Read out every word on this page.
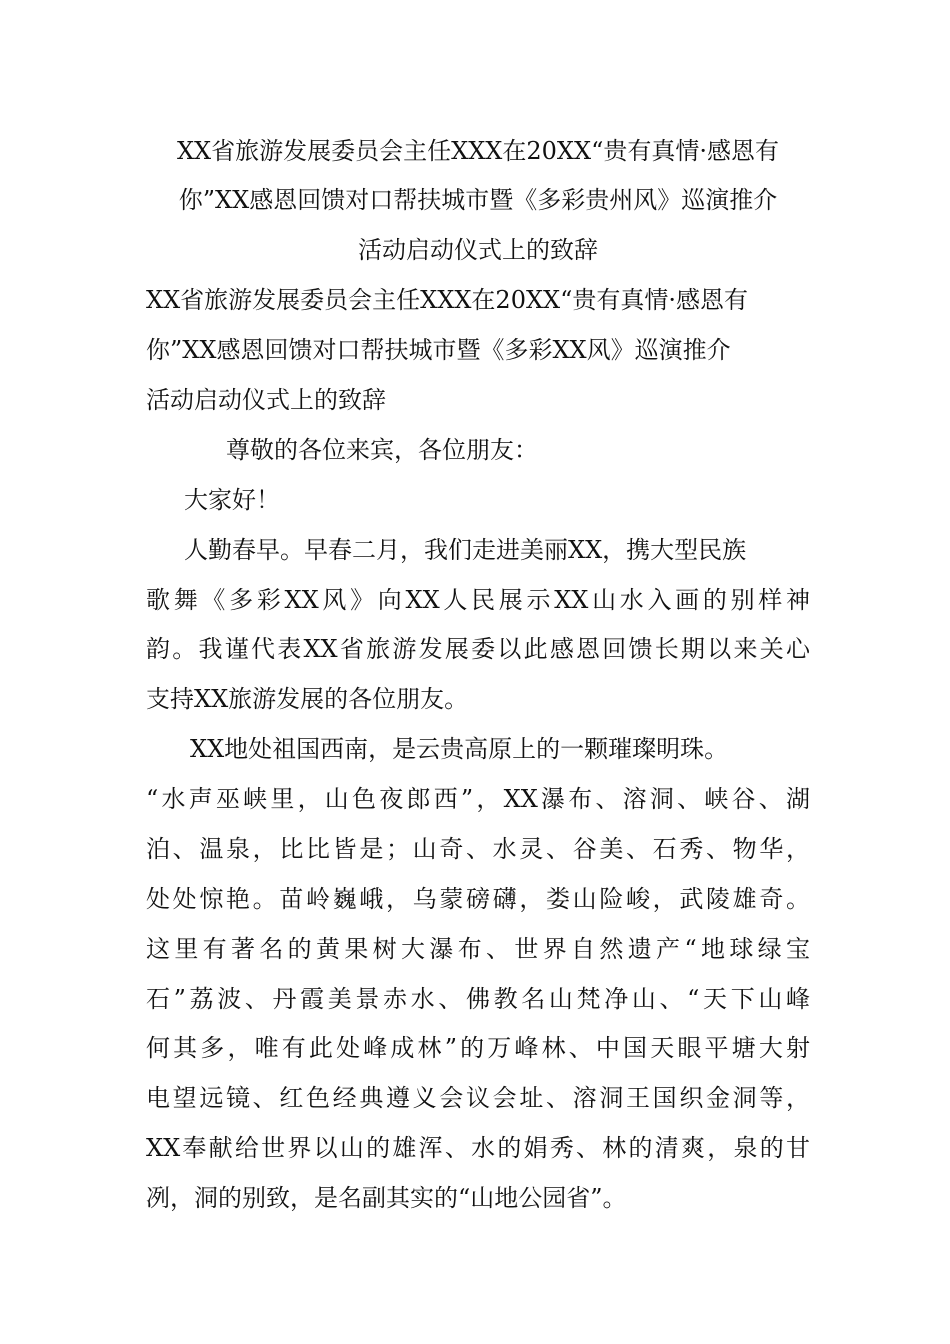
XX省旅游发展委员会主任XXX在20XX“贵有真情·感恩有
你”XX感恩回馈对口帮扶城市暨《多彩贵州风》巡演推介
活动启动仪式上的致辞
XX省旅游发展委员会主任XXX在20XX“贵有真情·感恩有
你”XX感恩回馈对口帮扶城市暨《多彩XX风》巡演推介
活动启动仪式上的致辞
尊敬的各位来宾，各位朋友：
大家好！
人勤春早。早春二月，我们走进美丽XX，携大型民族
歌舞《多彩XX风》向XX人民展示XX山水入画的别样神
韵。我谨代表XX省旅游发展委以此感恩回馈长期以来关心
支持XX旅游发展的各位朋友。
XX地处祖国西南，是云贵高原上的一颗璀璨明珠。
“水声巫峡里，山色夜郎西”，XX瀑布、溶洞、峡谷、湖
泊、温泉，比比皆是；山奇、水灵、谷美、石秀、物华，
处处惊艳。苗岭巍峨，乌蒙磅礴，娄山险峻，武陵雄奇。
这里有著名的黄果树大瀑布、世界自然遗产“地球绿宝
石”荔波、丹霞美景赤水、佛教名山梵净山、“天下山峰
何其多，唯有此处峰成林”的万峰林、中国天眼平塘大射
电望远镜、红色经典遵义会议会址、溶洞王国织金洞等，
XX奉献给世界以山的雄浑、水的娟秀、林的清爽，泉的甘
冽，洞的别致，是名副其实的“山地公园省”。
